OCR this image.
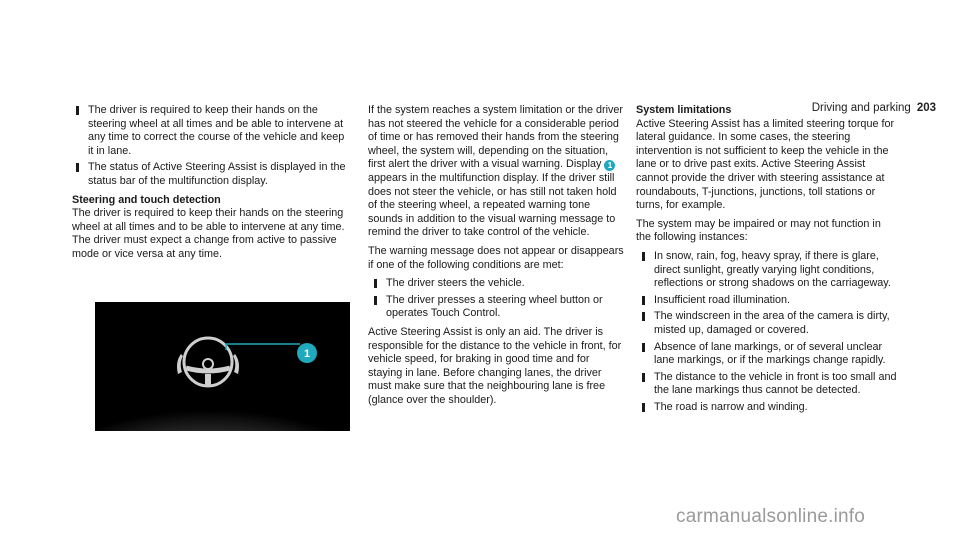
Driving and parking 203
The driver is required to keep their hands on the steering wheel at all times and be able to intervene at any time to correct the course of the vehicle and keep it in lane.
The status of Active Steering Assist is displayed in the status bar of the multifunction display.
Steering and touch detection

The driver is required to keep their hands on the steering wheel at all times and to be able to intervene at any time. The driver must expect a change from active to passive mode or vice versa at any time.

1

If the system reaches a system limitation or the driver has not steered the vehicle for a considerable period of time or has removed their hands from the steering wheel, the system will, depending on the situation, first alert the driver with a visual warning. Display 1 appears in the multifunction display. If the driver still does not steer the vehicle, or has still not taken hold of the steering wheel, a repeated warning tone sounds in addition to the visual warning message to remind the driver to take control of the vehicle.

The warning message does not appear or disappears if one of the following conditions are met:

The driver steers the vehicle.
The driver presses a steering wheel button or operates Touch Control.

Active Steering Assist is only an aid. The driver is responsible for the distance to the vehicle in front, for vehicle speed, for braking in good time and for staying in lane. Before changing lanes, the driver must make sure that the neighbouring lane is free (glance over the shoulder).

System limitations

Active Steering Assist has a limited steering torque for lateral guidance. In some cases, the steering intervention is not sufficient to keep the vehicle in the lane or to drive past exits. Active Steering Assist cannot provide the driver with steering assistance at roundabouts, T-junctions, junctions, toll stations or turns, for example.

The system may be impaired or may not function in the following instances:

In snow, rain, fog, heavy spray, if there is glare, direct sunlight, greatly varying light conditions, reflections or strong shadows on the carriageway.
Insufficient road illumination.
The windscreen in the area of the camera is dirty, misted up, damaged or covered.
Absence of lane markings, or of several unclear lane markings, or if the markings change rapidly.
The distance to the vehicle in front is too small and the lane markings thus cannot be detected.
The road is narrow and winding.
carmanualsonline.info
